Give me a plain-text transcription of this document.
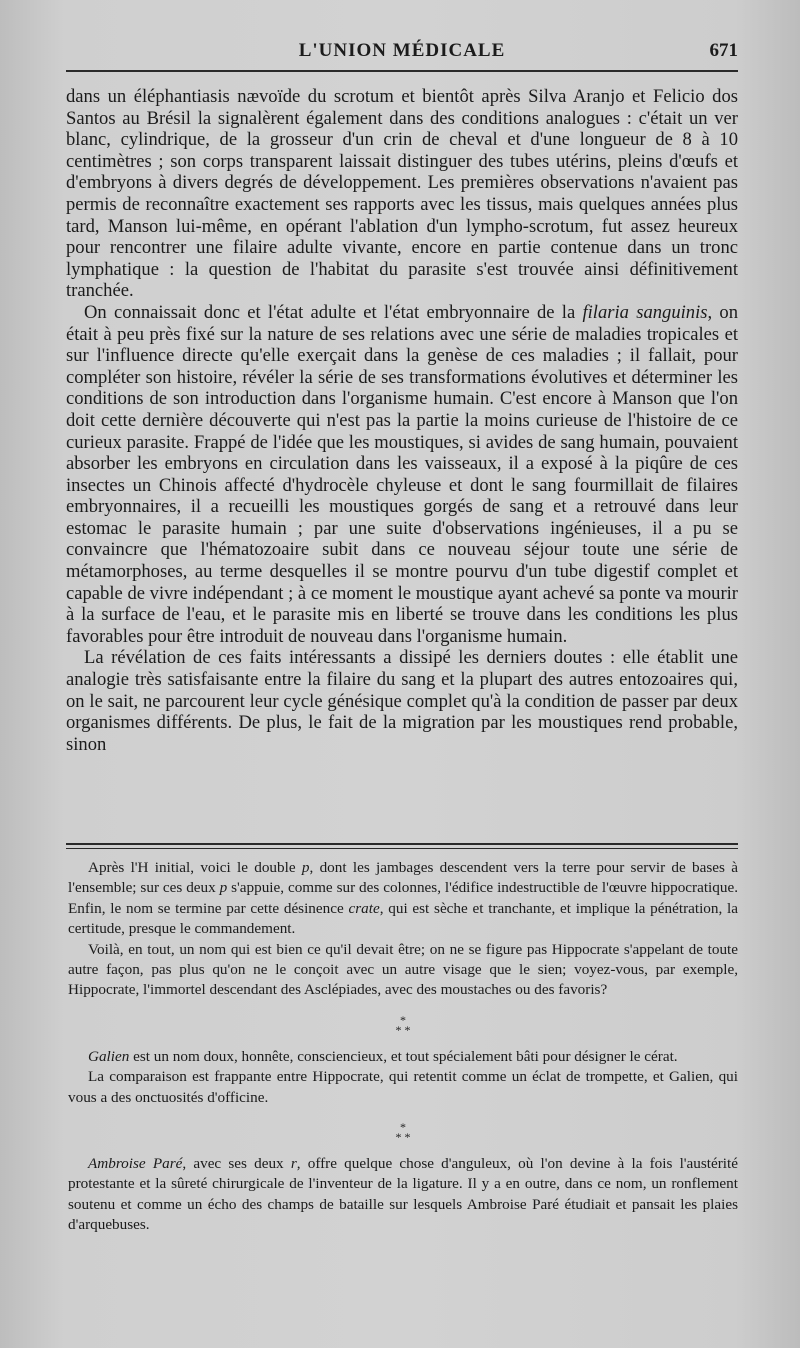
L'UNION MÉDICALE	671

dans un éléphantiasis nævoïde du scrotum et bientôt après Silva Aranjo et Felicio dos Santos au Brésil la signalèrent également dans des conditions analogues : c'était un ver blanc, cylindrique, de la grosseur d'un crin de cheval et d'une longueur de 8 à 10 centimètres ; son corps transparent laissait distinguer des tubes utérins, pleins d'œufs et d'embryons à divers degrés de développement. Les premières observations n'avaient pas permis de reconnaître exactement ses rapports avec les tissus, mais quelques années plus tard, Manson lui-même, en opérant l'ablation d'un lympho-scrotum, fut assez heureux pour rencontrer une filaire adulte vivante, encore en partie contenue dans un tronc lymphatique : la question de l'habitat du parasite s'est trouvée ainsi définitivement tranchée.

On connaissait donc et l'état adulte et l'état embryonnaire de la filaria sanguinis, on était à peu près fixé sur la nature de ses relations avec une série de maladies tropicales et sur l'influence directe qu'elle exerçait dans la genèse de ces maladies ; il fallait, pour compléter son histoire, révéler la série de ses transformations évolutives et déterminer les conditions de son introduction dans l'organisme humain. C'est encore à Manson que l'on doit cette dernière découverte qui n'est pas la partie la moins curieuse de l'histoire de ce curieux parasite. Frappé de l'idée que les moustiques, si avides de sang humain, pouvaient absorber les embryons en circulation dans les vaisseaux, il a exposé à la piqûre de ces insectes un Chinois affecté d'hydrocèle chyleuse et dont le sang fourmillait de filaires embryonnaires, il a recueilli les moustiques gorgés de sang et a retrouvé dans leur estomac le parasite humain ; par une suite d'observations ingénieuses, il a pu se convaincre que l'hématozoaire subit dans ce nouveau séjour toute une série de métamorphoses, au terme desquelles il se montre pourvu d'un tube digestif complet et capable de vivre indépendant ; à ce moment le moustique ayant achevé sa ponte va mourir à la surface de l'eau, et le parasite mis en liberté se trouve dans les conditions les plus favorables pour être introduit de nouveau dans l'organisme humain.

La révélation de ces faits intéressants a dissipé les derniers doutes : elle établit une analogie très satisfaisante entre la filaire du sang et la plupart des autres entozoaires qui, on le sait, ne parcourent leur cycle génésique complet qu'à la condition de passer par deux organismes différents. De plus, le fait de la migration par les moustiques rend probable, sinon

Après l'H initial, voici le double p, dont les jambages descendent vers la terre pour servir de bases à l'ensemble; sur ces deux p s'appuie, comme sur des colonnes, l'édifice indestructible de l'œuvre hippocratique. Enfin, le nom se termine par cette désinence crate, qui est sèche et tranchante, et implique la pénétration, la certitude, presque le commandement.

Voilà, en tout, un nom qui est bien ce qu'il devait être; on ne se figure pas Hippocrate s'appelant de toute autre façon, pas plus qu'on ne le conçoit avec un autre visage que le sien; voyez-vous, par exemple, Hippocrate, l'immortel descendant des Asclépiades, avec des moustaches ou des favoris?

*
* *

Galien est un nom doux, honnête, consciencieux, et tout spécialement bâti pour désigner le cérat.

La comparaison est frappante entre Hippocrate, qui retentit comme un éclat de trompette, et Galien, qui vous a des onctuosités d'officine.

*
* *

Ambroise Paré, avec ses deux r, offre quelque chose d'anguleux, où l'on devine à la fois l'austérité protestante et la sûreté chirurgicale de l'inventeur de la ligature. Il y a en outre, dans ce nom, un ronflement soutenu et comme un écho des champs de bataille sur lesquels Ambroise Paré étudiait et pansait les plaies d'arquebuses.
